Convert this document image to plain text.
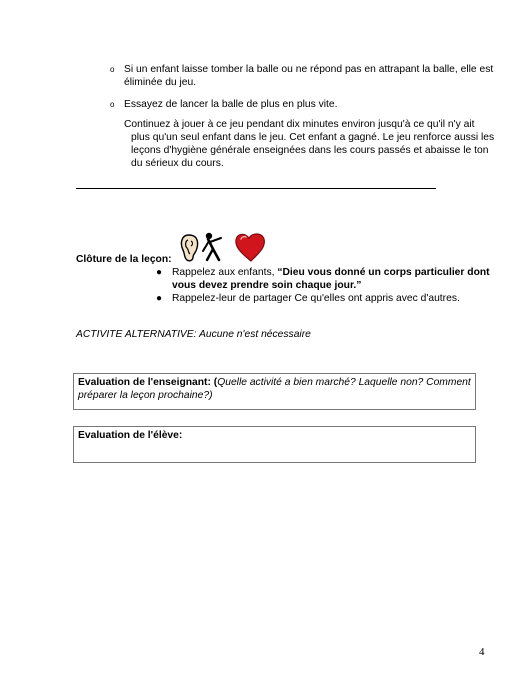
o Si un enfant laisse tomber la balle ou ne répond pas en attrapant la balle, elle est éliminée du jeu.
o Essayez de lancer la balle de plus en plus vite.
Continuez à jouer à ce jeu pendant dix minutes environ jusqu'à ce qu'il n'y ait
plus qu'un seul enfant dans le jeu. Cet enfant a gagné. Le jeu renforce aussi les leçons d'hygiène générale enseignées dans les cours passés et abaisse le ton du sérieux du cours.
Clôture de la leçon:
● Rappelez aux enfants, “Dieu vous donné un corps particulier dont vous devez prendre soin chaque jour.”
● Rappelez-leur de partager Ce qu'elles ont appris avec d'autres.
ACTIVITE ALTERNATIVE: Aucune n'est nécessaire
Evaluation de l'enseignant: (Quelle activité a bien marché? Laquelle non? Comment préparer la leçon prochaine?)
Evaluation de l'élève:
4
